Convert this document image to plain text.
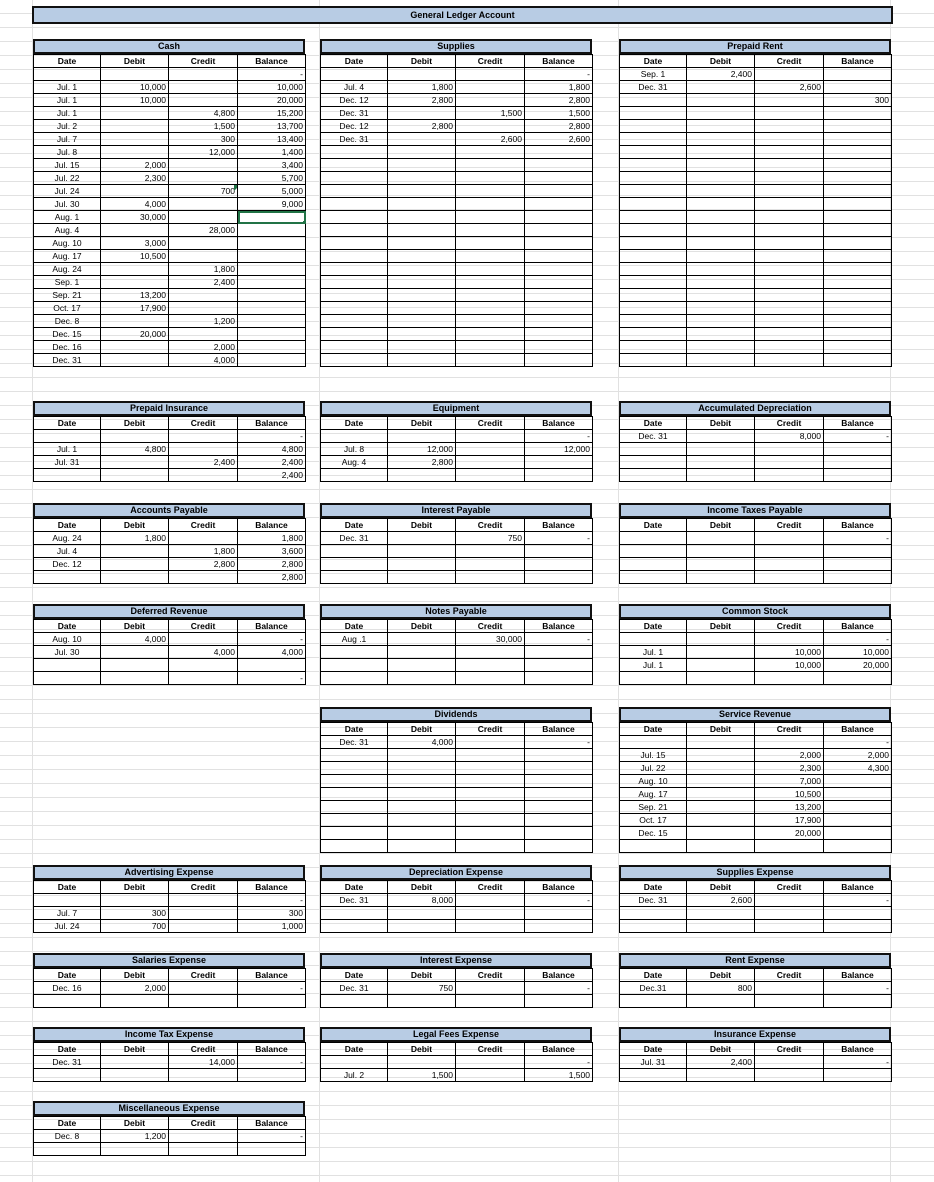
General Ledger Account
Cash
Date	Debit	Credit	Balance
			-
Jul. 1	10,000		10,000
Jul. 1	10,000		20,000
Jul. 1		4,800	15,200
Jul. 2		1,500	13,700
Jul. 7		300	13,400
Jul. 8		12,000	1,400
Jul. 15	2,000		3,400
Jul. 22	2,300		5,700
Jul. 24		700	5,000
Jul. 30	4,000		9,000
Aug. 1	30,000		
Aug. 4		28,000	
Aug. 10	3,000		
Aug. 17	10,500		
Aug. 24		1,800	
Sep. 1		2,400	
Sep. 21	13,200		
Oct. 17	17,900		
Dec. 8		1,200	
Dec. 15	20,000		
Dec. 16		2,000	
Dec. 31		4,000	
Supplies
Date	Debit	Credit	Balance
			-
Jul. 4	1,800		1,800
Dec. 12	2,800		2,800
Dec. 31		1,500	1,500
Dec. 12	2,800		2,800
Dec. 31		2,600	2,600

Prepaid Rent
Date	Debit	Credit	Balance
Sep. 1	2,400		
Dec. 31		2,600	
			300

Prepaid Insurance
Date	Debit	Credit	Balance
			-
Jul. 1	4,800		4,800
Jul. 31		2,400	2,400
			2,400
Equipment
Date	Debit	Credit	Balance
			-
Jul. 8	12,000		12,000
Aug. 4	2,800		

Accumulated Depreciation
Date	Debit	Credit	Balance
Dec. 31		8,000	-

Accounts Payable
Date	Debit	Credit	Balance
Aug. 24	1,800		1,800
Jul. 4		1,800	3,600
Dec. 12		2,800	2,800
			2,800
Interest Payable
Date	Debit	Credit	Balance
Dec. 31		750	-

Income Taxes Payable
Date	Debit	Credit	Balance
			-

Deferred Revenue
Date	Debit	Credit	Balance
Aug. 10	4,000		-
Jul. 30		4,000	4,000

			-
Notes Payable
Date	Debit	Credit	Balance
Aug .1		30,000	-

Common Stock
Date	Debit	Credit	Balance
			-
Jul. 1		10,000	10,000
Jul. 1		10,000	20,000

Dividends
Date	Debit	Credit	Balance
Dec. 31	4,000		-

Service Revenue
Date	Debit	Credit	Balance
			-
Jul. 15		2,000	2,000
Jul. 22		2,300	4,300
Aug. 10		7,000	
Aug. 17		10,500	
Sep. 21		13,200	
Oct. 17		17,900	
Dec. 15		20,000	

Advertising Expense
Date	Debit	Credit	Balance
			-
Jul. 7	300		300
Jul. 24	700		1,000
Depreciation Expense
Date	Debit	Credit	Balance
Dec. 31	8,000		-

Supplies Expense
Date	Debit	Credit	Balance
Dec. 31	2,600		-

Salaries Expense
Date	Debit	Credit	Balance
Dec. 16	2,000		-

Interest Expense
Date	Debit	Credit	Balance
Dec. 31	750		-

Rent Expense
Date	Debit	Credit	Balance
Dec.31	800		-

Income Tax Expense
Date	Debit	Credit	Balance
Dec. 31		14,000	-

Legal Fees Expense
Date	Debit	Credit	Balance
			-
Jul. 2	1,500		1,500
Insurance Expense
Date	Debit	Credit	Balance
Jul. 31	2,400		-

Miscellaneous Expense
Date	Debit	Credit	Balance
Dec. 8	1,200		-
